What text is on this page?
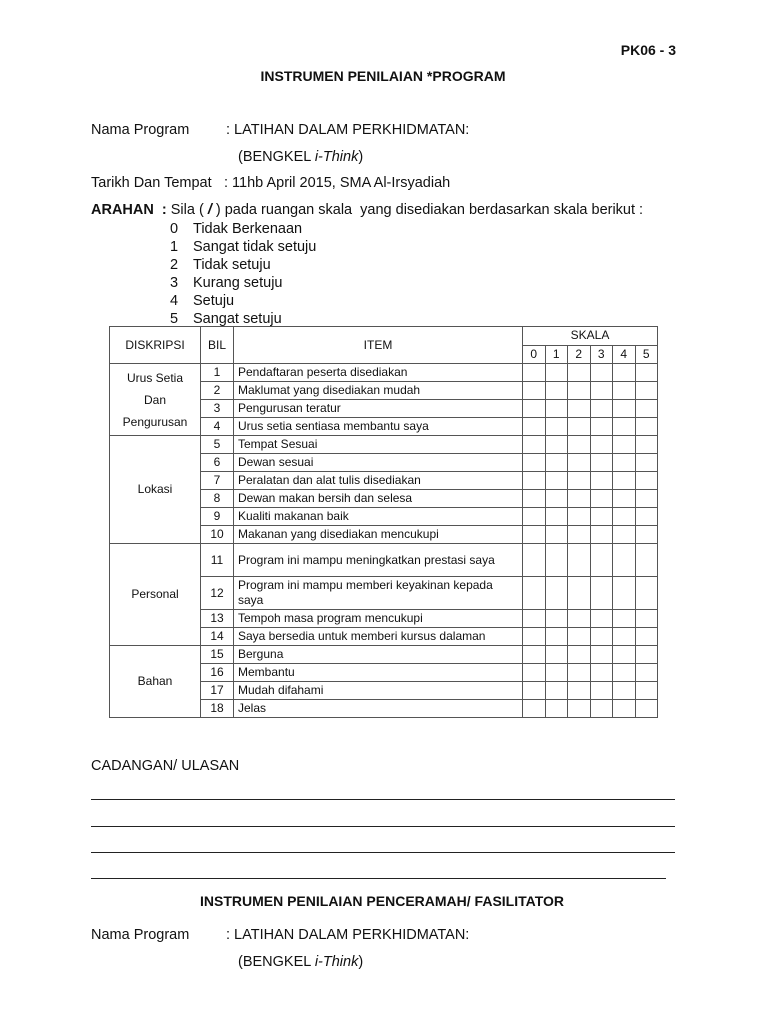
PK06 - 3
INSTRUMEN PENILAIAN *PROGRAM
Nama Program	: LATIHAN DALAM PERKHIDMATAN:
(BENGKEL i-Think)
Tarikh Dan Tempat : 11hb April 2015, SMA Al-Irsyadiah
ARAHAN  : Sila ( / ) pada ruangan skala  yang disediakan berdasarkan skala berikut :
0 Tidak Berkenaan
1 Sangat tidak setuju
2 Tidak setuju
3 Kurang setuju
4 Setuju
5 Sangat setuju
DISKRIPSI	BIL	ITEM	SKALA					
			0	1	2	3	4	5

Urus Setia
Dan
Pengurusan	1	Pendaftaran peserta disediakan						
	2	Maklumat yang disediakan mudah						
	3	Pengurusan teratur						
	4	Urus setia sentiasa membantu saya						

Lokasi	5	Tempat Sesuai						
	6	Dewan sesuai						
	7	Peralatan dan alat tulis disediakan						
	8	Dewan makan bersih dan selesa						
	9	Kualiti makanan baik						
	10	Makanan yang disediakan mencukupi						

Personal	11	Program ini mampu meningkatkan prestasi saya						
	12	Program ini mampu memberi keyakinan kepada saya						
	13	Tempoh masa program mencukupi						
	14	Saya bersedia untuk memberi kursus dalaman						

Bahan	15	Berguna						
	16	Membantu						
	17	Mudah difahami						
	18	Jelas						
CADANGAN/ ULASAN
INSTRUMEN PENILAIAN PENCERAMAH/ FASILITATOR
Nama Program	: LATIHAN DALAM PERKHIDMATAN:
(BENGKEL i-Think)
